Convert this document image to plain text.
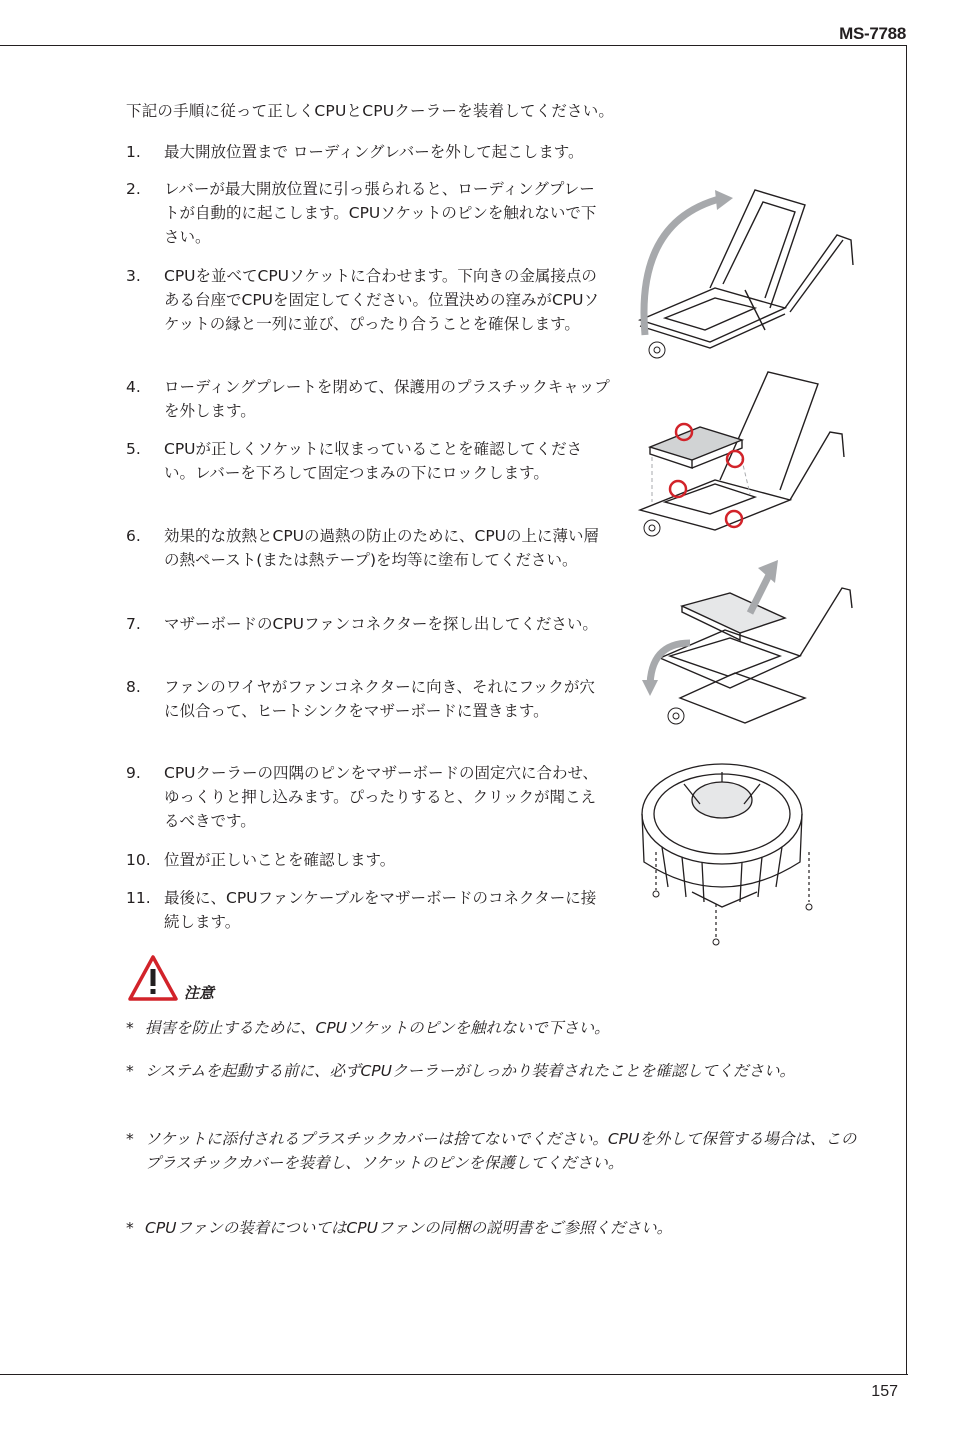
MS-7788
下記の手順に従って正しくCPUとCPUクーラーを装着してください。
1.	最大開放位置まで ローディングレバーを外して起こします。
2.	レバーが最大開放位置に引っ張られると、ローディングプレートが自動的に起こします。CPUソケットのピンを触れないで下さい。
3.	CPUを並べてCPUソケットに合わせます。下向きの金属接点のある台座でCPUを固定してください。位置決めの窪みがCPUソケットの縁と一列に並び、ぴったり合うことを確保します。
4.	ローディングプレートを閉めて、保護用のプラスチックキャップを外します。
5.	CPUが正しくソケットに収まっていることを確認してください。レバーを下ろして固定つまみの下にロックします。
6.	効果的な放熱とCPUの過熱の防止のために、CPUの上に薄い層の熱ペースト(または熱テープ)を均等に塗布してください。
7.	マザーボードのCPUファンコネクターを探し出してください。
8.	ファンのワイヤがファンコネクターに向き、それにフックが穴に似合って、ヒートシンクをマザーボードに置きます。
9.	CPUクーラーの四隅のピンをマザーボードの固定穴に合わせ、ゆっくりと押し込みます。ぴったりすると、クリックが聞こえるべきです。
10. 位置が正しいことを確認します。
11. 最後に、CPUファンケーブルをマザーボードのコネクターに接続します。
注意
* 損害を防止するために、CPUソケットのピンを触れないで下さい。
* システムを起動する前に、必ずCPUクーラーがしっかり装着されたことを確認してください。
* ソケットに添付されるプラスチックカバーは捨てないでください。CPUを外して保管する場合は、このプラスチックカバーを装着し、ソケットのピンを保護してください。
* CPUファンの装着についてはCPUファンの同梱の説明書をご参照ください。
157
